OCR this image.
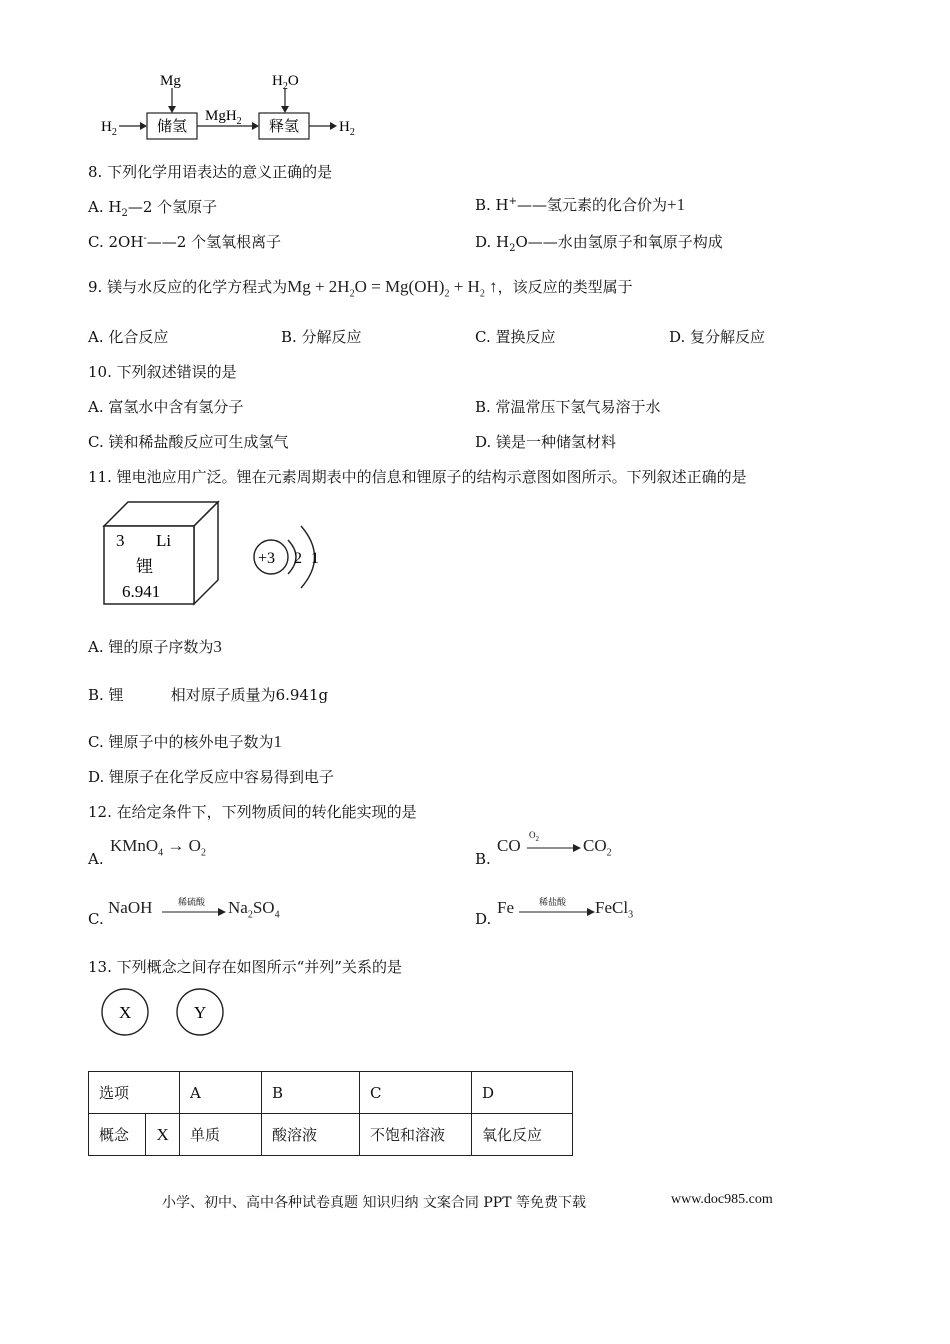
Mg	$H_2O$
$H_2$	储氢
MgH$_2$ 释氢	$H_2$
8. 下列化学用语表达的意义正确的是
A. $H_2—2$ 个氢原子	B. H+——氢元素的化合价为+1
C. 2OH-——2 个氢氧根离子	D. $H_2O——$水由氢原子和氧原子构成
9. 镁与水反应的化学方程式为$Mg + 2H_2O = Mg(OH)_2 + H_2$ ↑，该反应的类型属于
A. 化合反应	B. 分解反应	C. 置换反应	D. 复分解反应
10. 下列叙述错误的是
A. 富氢水中含有氢分子	B. 常温常压下氢气易溶于水
C. 镁和稀盐酸反应可生成氢气	D. 镁是一种储氢材料
11. 锂电池应用广泛。锂在元素周期表中的信息和锂原子的结构示意图如图所示。下列叙述正确的是
3 Li
锂
6.941
+3 2 1
A. 锂的原子序数为3
B. 锂	相对原子质量为6.941g
C. 锂原子中的核外电子数为1
D. 锂原子在化学反应中容易得到电子
12. 在给定条件下，下列物质间的转化能实现的是
A.
KMnO$_4$ → $O_2$	B.
CO
$O_2$	$CO_2$
C.
NaOH	稀硫酸 $Na_2SO_4$	D.
Fe	稀盐酸 FeCl$_3$
13. 下列概念之间存在如图所示“并列”关系的是
X	Y
选项		A	B	C	D
概念	X	单质	酸溶液	不饱和溶液	氧化反应
小学、初中、高中各种试卷真题 知识归纳 文案合同 PPT 等免费下载	www.doc985.com
